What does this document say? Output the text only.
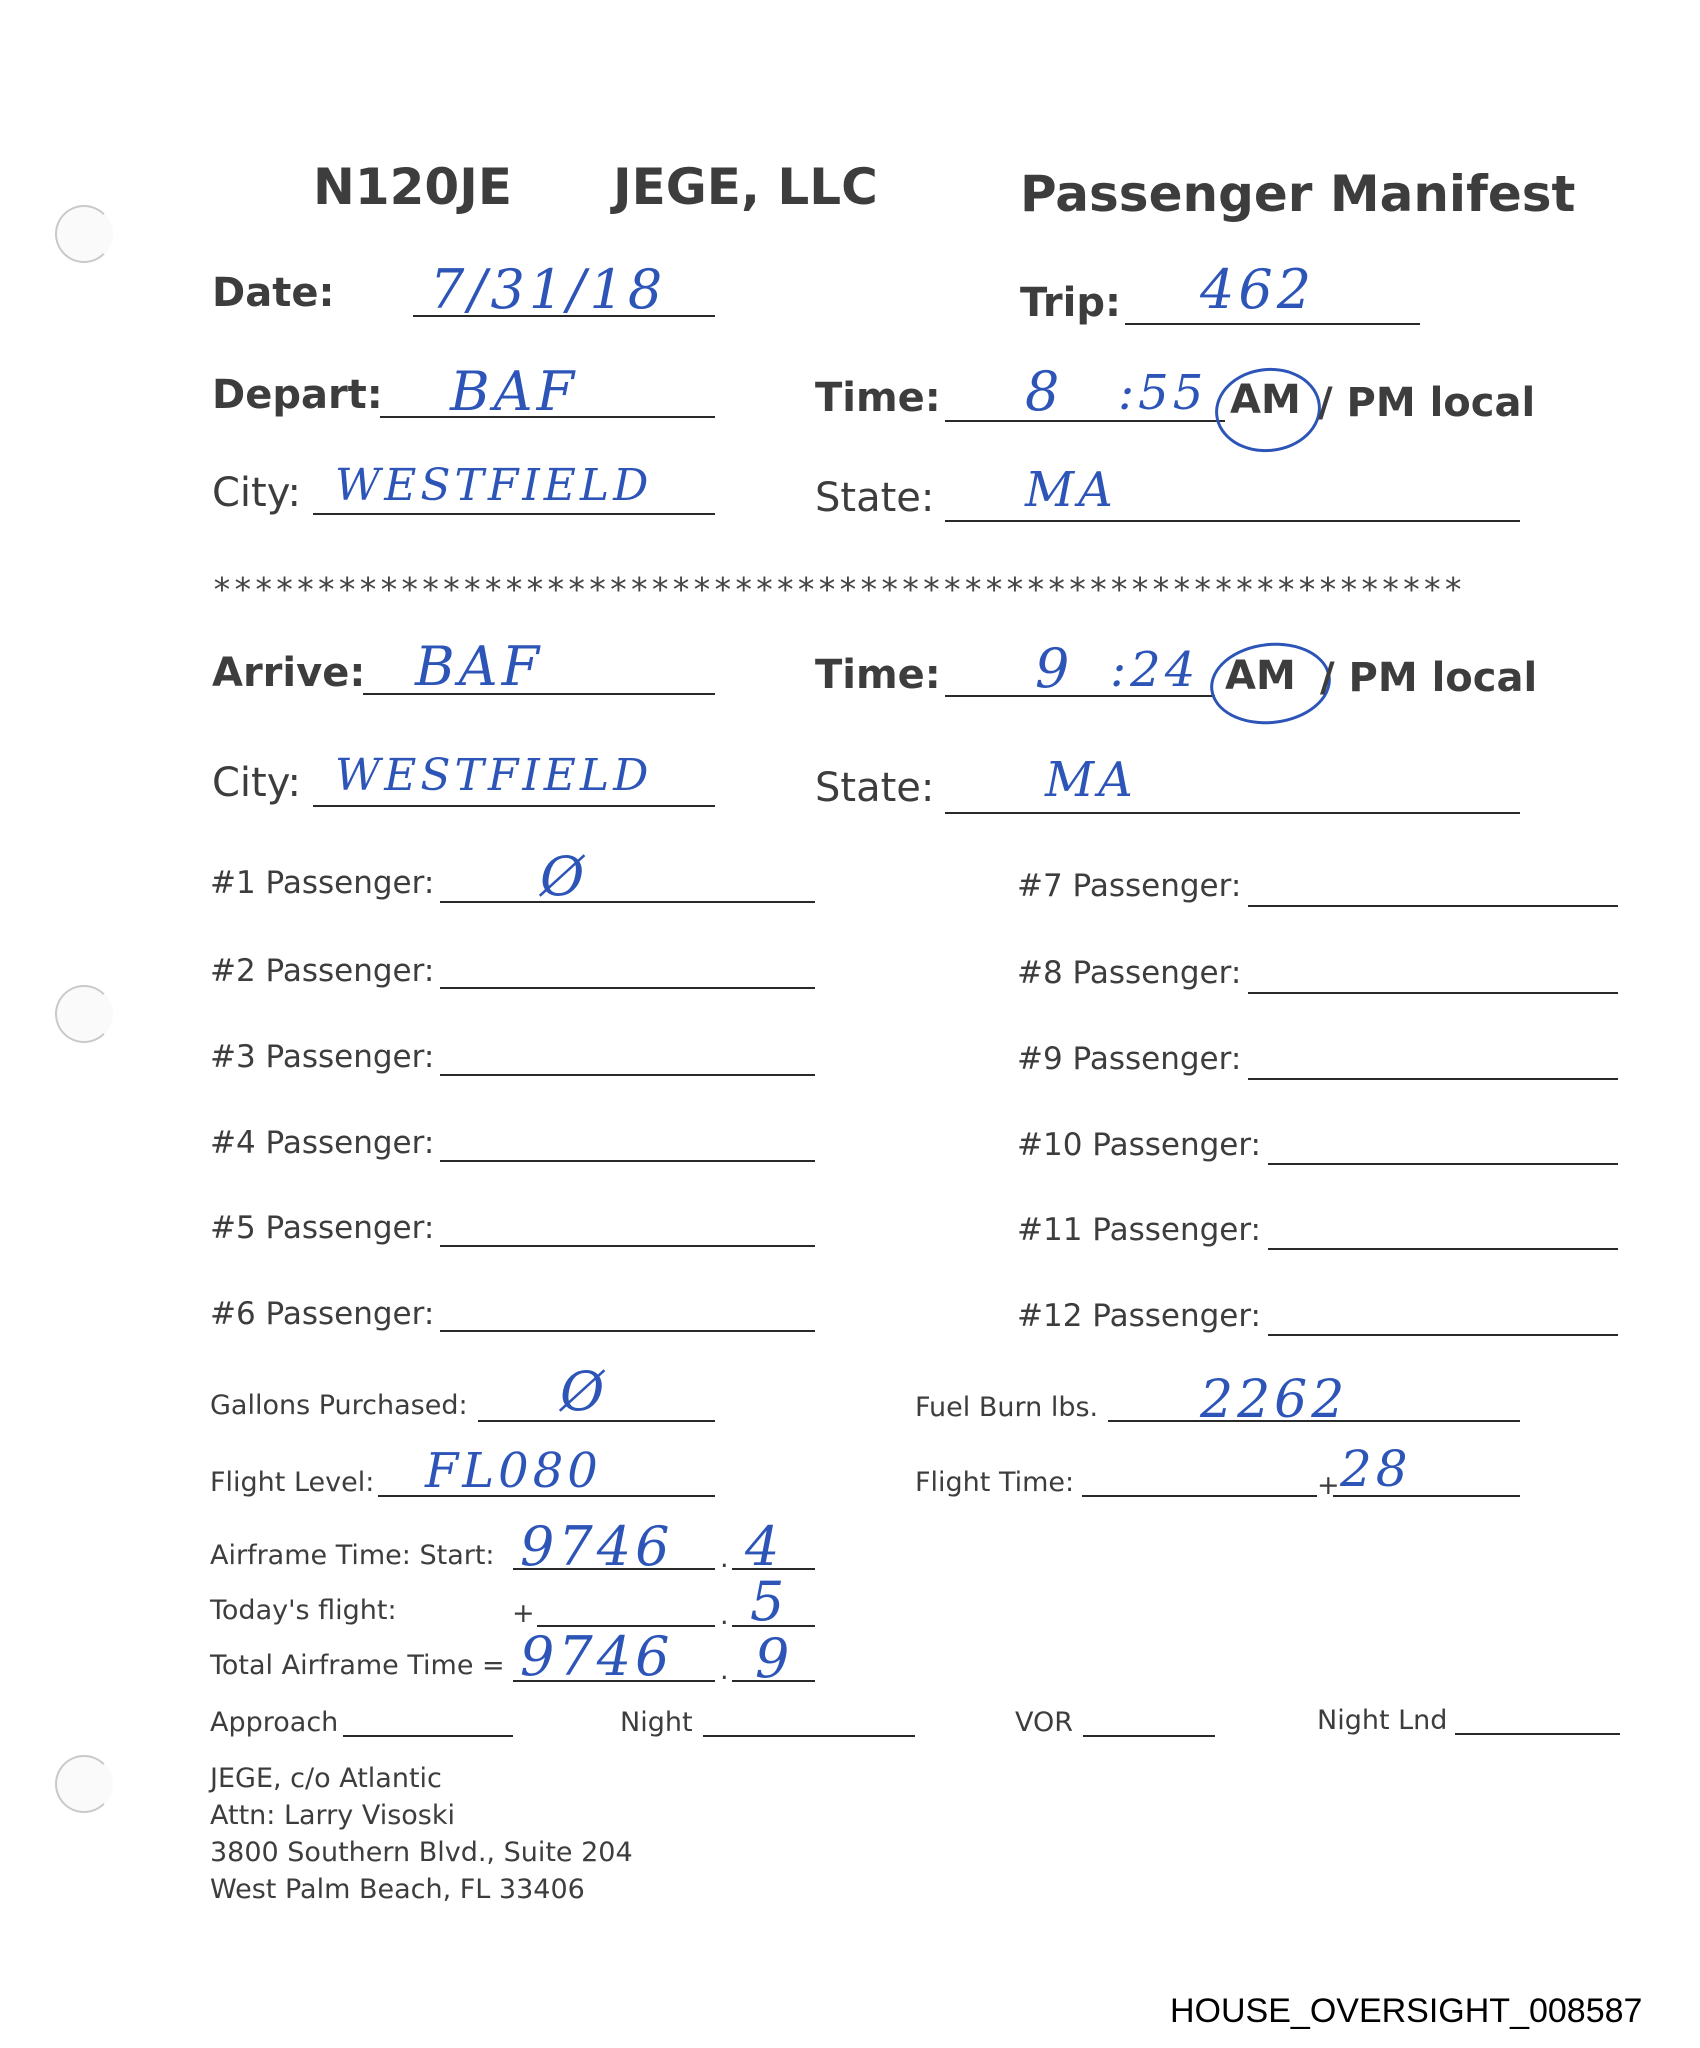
N120JE JEGE, LLC	Passenger Manifest
Date: 7/31/18	Trip: 462
Depart: BAF	Time: 8 :55 AM / PM local
City: WESTFIELD	State: MA
************************************************************
Arrive: BAF	Time: 9 :24 AM / PM local
City: WESTFIELD	State: MA
#1 Passenger: Ø
#2 Passenger:
#3 Passenger:
#4 Passenger:
#5 Passenger:
#6 Passenger:
#7 Passenger:
#8 Passenger:
#9 Passenger:
#10 Passenger:
#11 Passenger:
#12 Passenger:
Gallons Purchased: Ø	Fuel Burn lbs. 2262
Flight Level: FL080	Flight Time:	+ 28
Airframe Time: Start: 9746 . 4
Today's flight:	+	. 5
Total Airframe Time = 9746 . 9
Approach	Night	VOR	Night Lnd
JEGE, c/o Atlantic
Attn: Larry Visoski
3800 Southern Blvd., Suite 204
West Palm Beach, FL 33406
HOUSE_OVERSIGHT_008587
